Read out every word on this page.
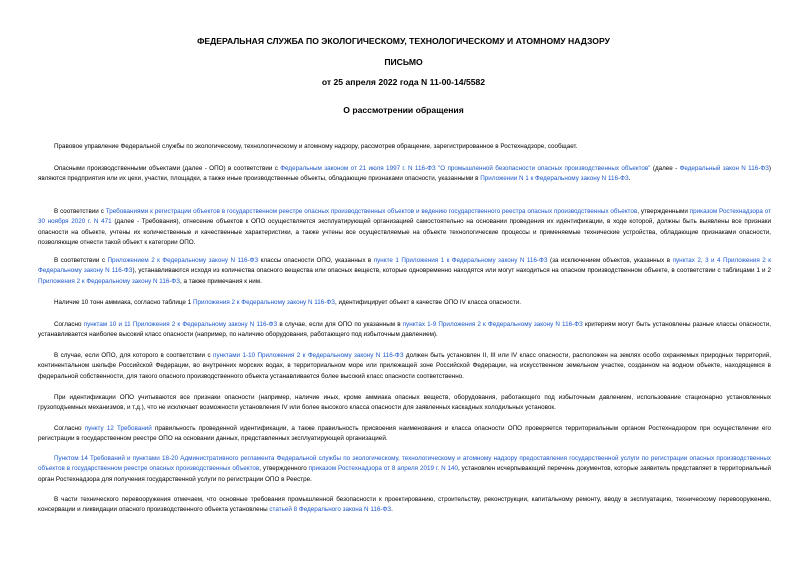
ФЕДЕРАЛЬНАЯ СЛУЖБА ПО ЭКОЛОГИЧЕСКОМУ, ТЕХНОЛОГИЧЕСКОМУ И АТОМНОМУ НАДЗОРУ
ПИСЬМО
от 25 апреля 2022 года N 11-00-14/5582
О рассмотрении обращения

Правовое управление Федеральной службы по экологическому, технологическому и атомному надзору, рассмотрев обращение, зарегистрированное в Ростехнадзоре, сообщает.

Опасными производственными объектами (далее - ОПО) в соответствии с Федеральным законом от 21 июля 1997 г. N 116-ФЗ "О промышленной безопасности опасных производственных объектов" (далее - Федеральный закон N 116-ФЗ) являются предприятия или их цехи, участки, площадки, а также иные производственные объекты, обладающие признаками опасности, указанными в Приложении N 1 к Федеральному закону N 116-ФЗ.

В соответствии с Требованиями к регистрации объектов в государственном реестре опасных производственных объектов и ведению государственного реестра опасных производственных объектов, утвержденными приказом Ростехнадзора от 30 ноября 2020 г. N 471 (далее - Требования), отнесение объектов к ОПО осуществляется эксплуатирующей организацией самостоятельно на основании проведения их идентификации, в ходе которой, должны быть выявлены все признаки опасности на объекте, учтены их количественные и качественные характеристики, а также учтены все осуществляемые на объекте технологические процессы и применяемые технические устройства, обладающие признаками опасности, позволяющие отнести такой объект к категории ОПО.

В соответствии с Приложением 2 к Федеральному закону N 116-ФЗ классы опасности ОПО, указанных в пункте 1 Приложения 1 к Федеральному закону N 116-ФЗ (за исключением объектов, указанных в пунктах 2, 3 и 4 Приложения 2 к Федеральному закону N 116-ФЗ), устанавливаются исходя из количества опасного вещества или опасных веществ, которые одновременно находятся или могут находиться на опасном производственном объекте, в соответствии с таблицами 1 и 2 Приложения 2 к Федеральному закону N 116-ФЗ, а также примечания к ним.

Наличие 10 тонн аммиака, согласно таблице 1 Приложения 2 к Федеральному закону N 116-ФЗ, идентифицирует объект в качестве ОПО IV класса опасности.

Согласно пунктам 10 и 11 Приложения 2 к Федеральному закону N 116-ФЗ в случае, если для ОПО по указанным в пунктах 1-9 Приложения 2 к Федеральному закону N 116-ФЗ критериям могут быть установлены разные классы опасности, устанавливается наиболее высокий класс опасности (например, по наличию оборудования, работающего под избыточным давлением).

В случае, если ОПО, для которого в соответствии с пунктами 1-10 Приложения 2 к Федеральному закону N 116-ФЗ должен быть установлен II, III или IV класс опасности, расположен на землях особо охраняемых природных территорий, континентальном шельфе Российской Федерации, во внутренних морских водах, в территориальном море или прилежащей зоне Российской Федерации, на искусственном земельном участке, созданном на водном объекте, находящемся в федеральной собственности, для такого опасного производственного объекта устанавливается более высокий класс опасности соответственно.

При идентификации ОПО учитываются все признаки опасности (например, наличие иных, кроме аммиака опасных веществ, оборудования, работающего под избыточным давлением, использование стационарно установленных грузоподъемных механизмов, и т.д.), что не исключает возможности установления IV или более высокого класса опасности для заявленных каскадных холодильных установок.

Согласно пункту 12 Требований правильность проведенной идентификации, а также правильность присвоения наименования и класса опасности ОПО проверяется территориальным органом Ростехнадзором при осуществлении его регистрации в государственном реестре ОПО на основании данных, представленных эксплуатирующей организацией.

Пунктом 14 Требований и пунктами 18-20 Административного регламента Федеральной службы по экологическому, технологическому и атомному надзору предоставления государственной услуги по регистрации опасных производственных объектов в государственном реестре опасных производственных объектов, утвержденного приказом Ростехнадзора от 8 апреля 2019 г. N 140, установлен исчерпывающий перечень документов, которые заявитель представляет в территориальный орган Ростехнадзора для получения государственной услуги по регистрации ОПО в Реестре.

В части технического перевооружения отмечаем, что основные требования промышленной безопасности к проектированию, строительству, реконструкции, капитальному ремонту, вводу в эксплуатацию, техническому перевооружению, консервации и ликвидации опасного производственного объекта установлены статьей 8 Федерального закона N 116-ФЗ.
